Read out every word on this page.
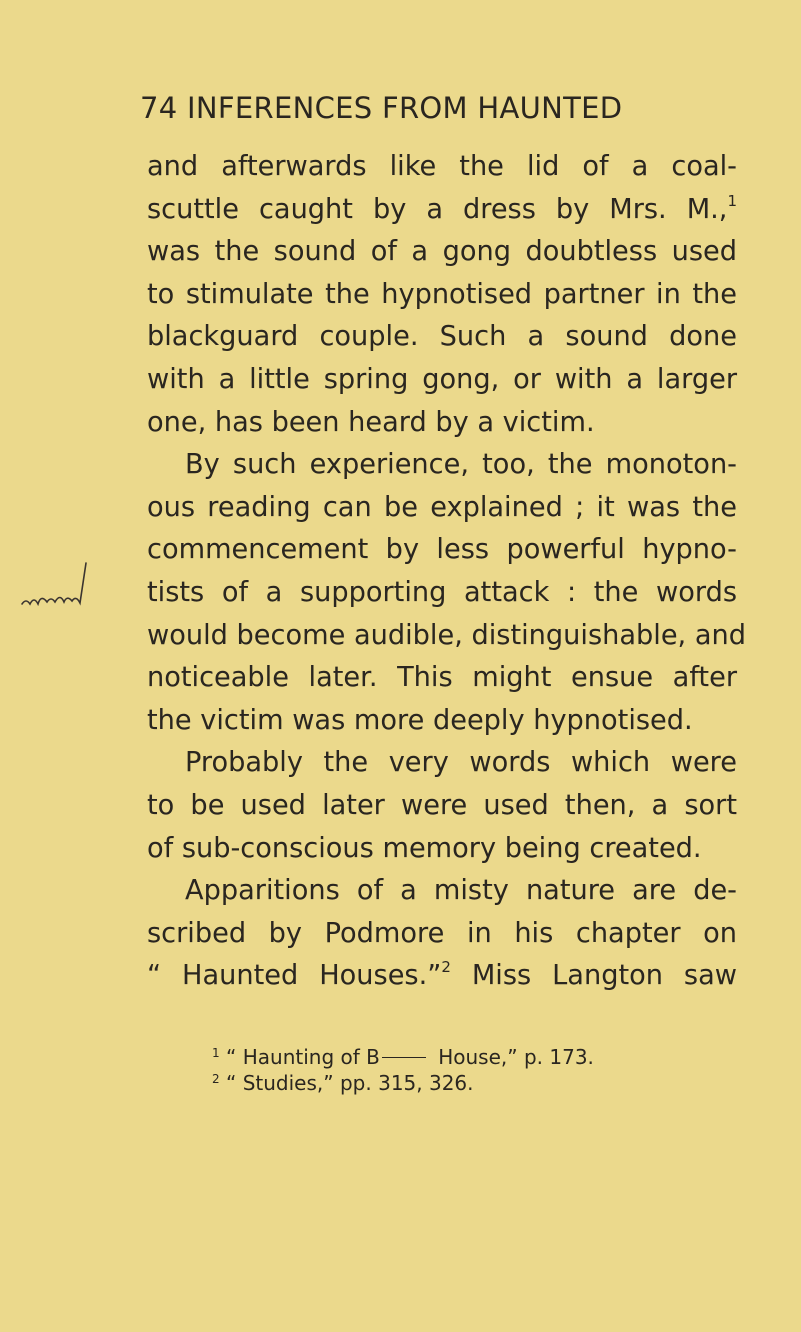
74 INFERENCES FROM HAUNTED
and afterwards like the lid of a coal-
scuttle caught by a dress by Mrs. M.,$^1$
was the sound of a gong doubtless used
to stimulate the hypnotised partner in the
blackguard couple. Such a sound done
with a little spring gong, or with a larger
one, has been heard by a victim.
By such experience, too, the monoton-
ous reading can be explained ; it was the
commencement by less powerful hypno-
tists of a supporting attack : the words
would become audible, distinguishable, and
noticeable later. This might ensue after
the victim was more deeply hypnotised.
Probably the very words which were
to be used later were used then, a sort
of sub-conscious memory being created.
Apparitions of a misty nature are de-
scribed by Podmore in his chapter on
“ Haunted Houses.”$^2$ Miss Langton saw
$^1$ “ Haunting of B	House,” p. 173.
$^2$ “ Studies,” pp. 315, 326.
